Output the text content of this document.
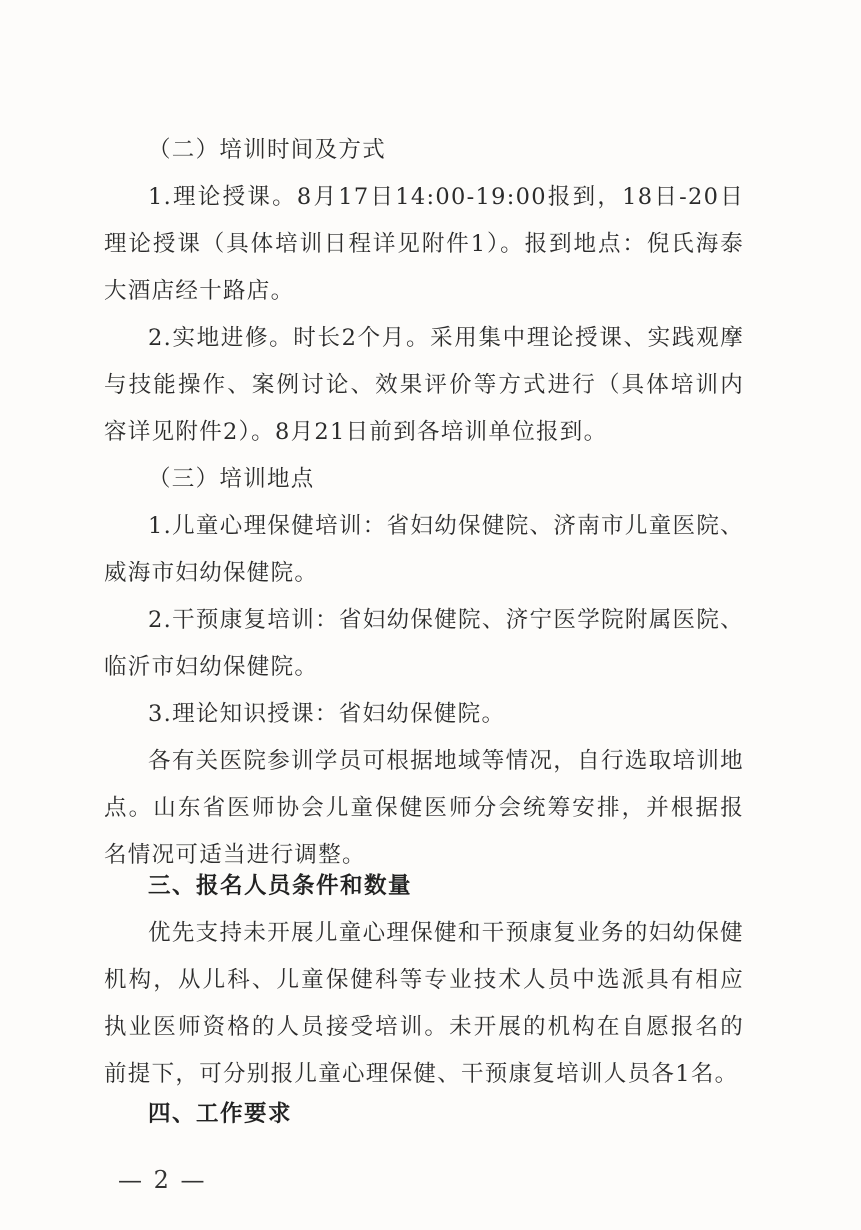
（二）培训时间及方式

1.理论授课。8月17日14:00-19:00报到，18日-20日理论授课（具体培训日程详见附件1）。报到地点：倪氏海泰大酒店经十路店。

2.实地进修。时长2个月。采用集中理论授课、实践观摩与技能操作、案例讨论、效果评价等方式进行（具体培训内容详见附件2）。8月21日前到各培训单位报到。

（三）培训地点

1.儿童心理保健培训：省妇幼保健院、济南市儿童医院、威海市妇幼保健院。

2.干预康复培训：省妇幼保健院、济宁医学院附属医院、临沂市妇幼保健院。

3.理论知识授课：省妇幼保健院。

各有关医院参训学员可根据地域等情况，自行选取培训地点。山东省医师协会儿童保健医师分会统筹安排，并根据报名情况可适当进行调整。

三、报名人员条件和数量

优先支持未开展儿童心理保健和干预康复业务的妇幼保健机构，从儿科、儿童保健科等专业技术人员中选派具有相应执业医师资格的人员接受培训。未开展的机构在自愿报名的前提下，可分别报儿童心理保健、干预康复培训人员各1名。

四、工作要求

— 2 —
